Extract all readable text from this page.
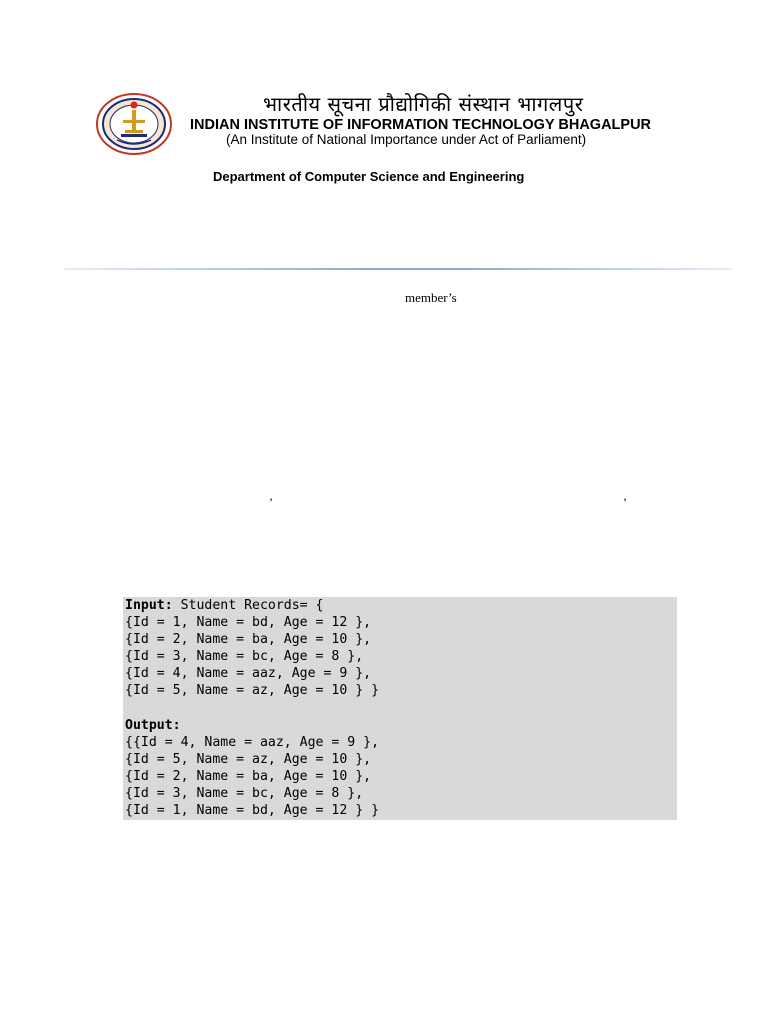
भारतीय सूचना प्रौद्योगिकी संस्थान भागलपुर
INDIAN INSTITUTE OF INFORMATION TECHNOLOGY BHAGALPUR
(An Institute of National Importance under Act of Parliament)
Department of Computer Science and Engineering
member’s
’	’
Input: Student Records= {
{Id = 1, Name = bd, Age = 12 },
{Id = 2, Name = ba, Age = 10 },
{Id = 3, Name = bc, Age = 8 },
{Id = 4, Name = aaz, Age = 9 },
{Id = 5, Name = az, Age = 10 } }
Output:
{{Id = 4, Name = aaz, Age = 9 },
{Id = 5, Name = az, Age = 10 },
{Id = 2, Name = ba, Age = 10 },
{Id = 3, Name = bc, Age = 8 },
{Id = 1, Name = bd, Age = 12 } }
